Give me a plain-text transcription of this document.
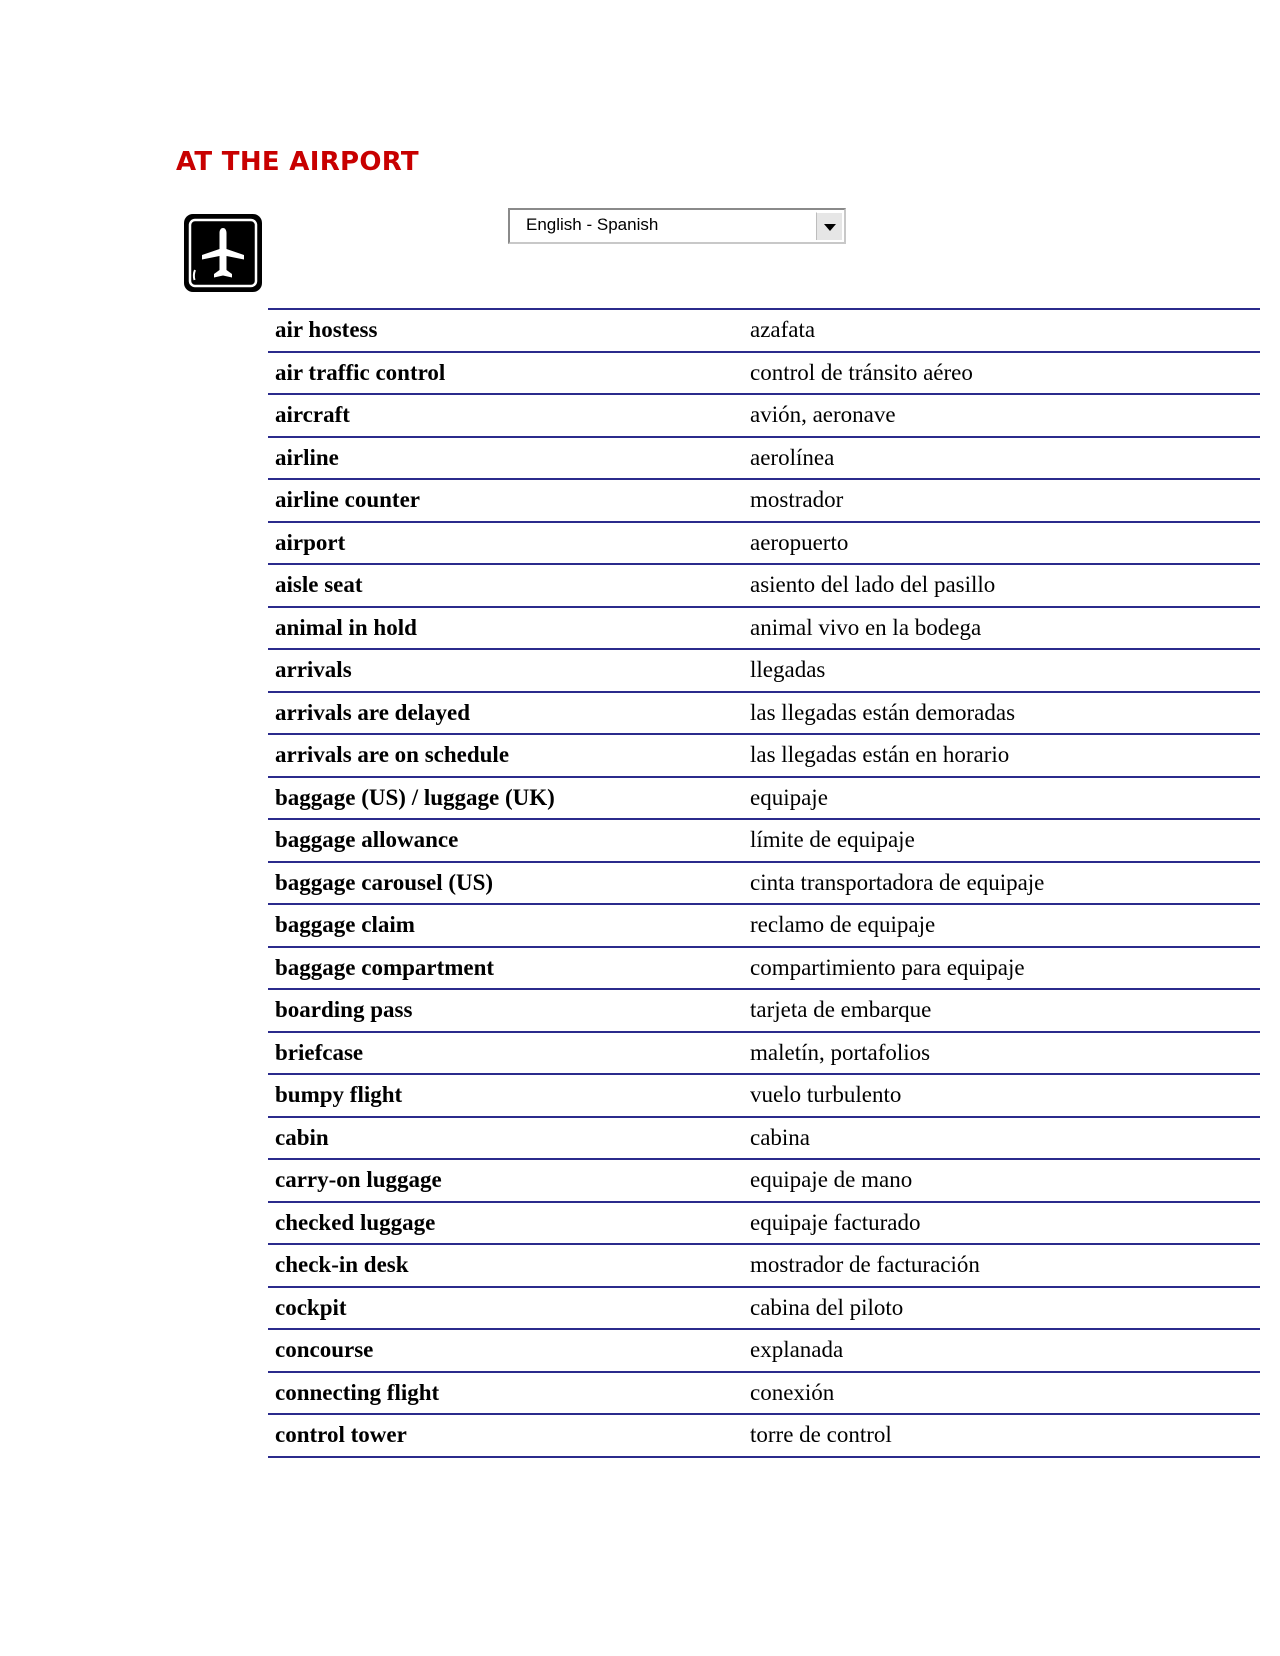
AT THE AIRPORT
English - Spanish
air hostess	azafata
air traffic control	control de tránsito aéreo
aircraft	avión, aeronave
airline	aerolínea
airline counter	mostrador
airport	aeropuerto
aisle seat	asiento del lado del pasillo
animal in hold	animal vivo en la bodega
arrivals	llegadas
arrivals are delayed	las llegadas están demoradas
arrivals are on schedule	las llegadas están en horario
baggage (US) / luggage (UK)	equipaje
baggage allowance	límite de equipaje
baggage carousel (US)	cinta transportadora de equipaje
baggage claim	reclamo de equipaje
baggage compartment	compartimiento para equipaje
boarding pass	tarjeta de embarque
briefcase	maletín, portafolios
bumpy flight	vuelo turbulento
cabin	cabina
carry-on luggage	equipaje de mano
checked luggage	equipaje facturado
check-in desk	mostrador de facturación
cockpit	cabina del piloto
concourse	explanada
connecting flight	conexión
control tower	torre de control
